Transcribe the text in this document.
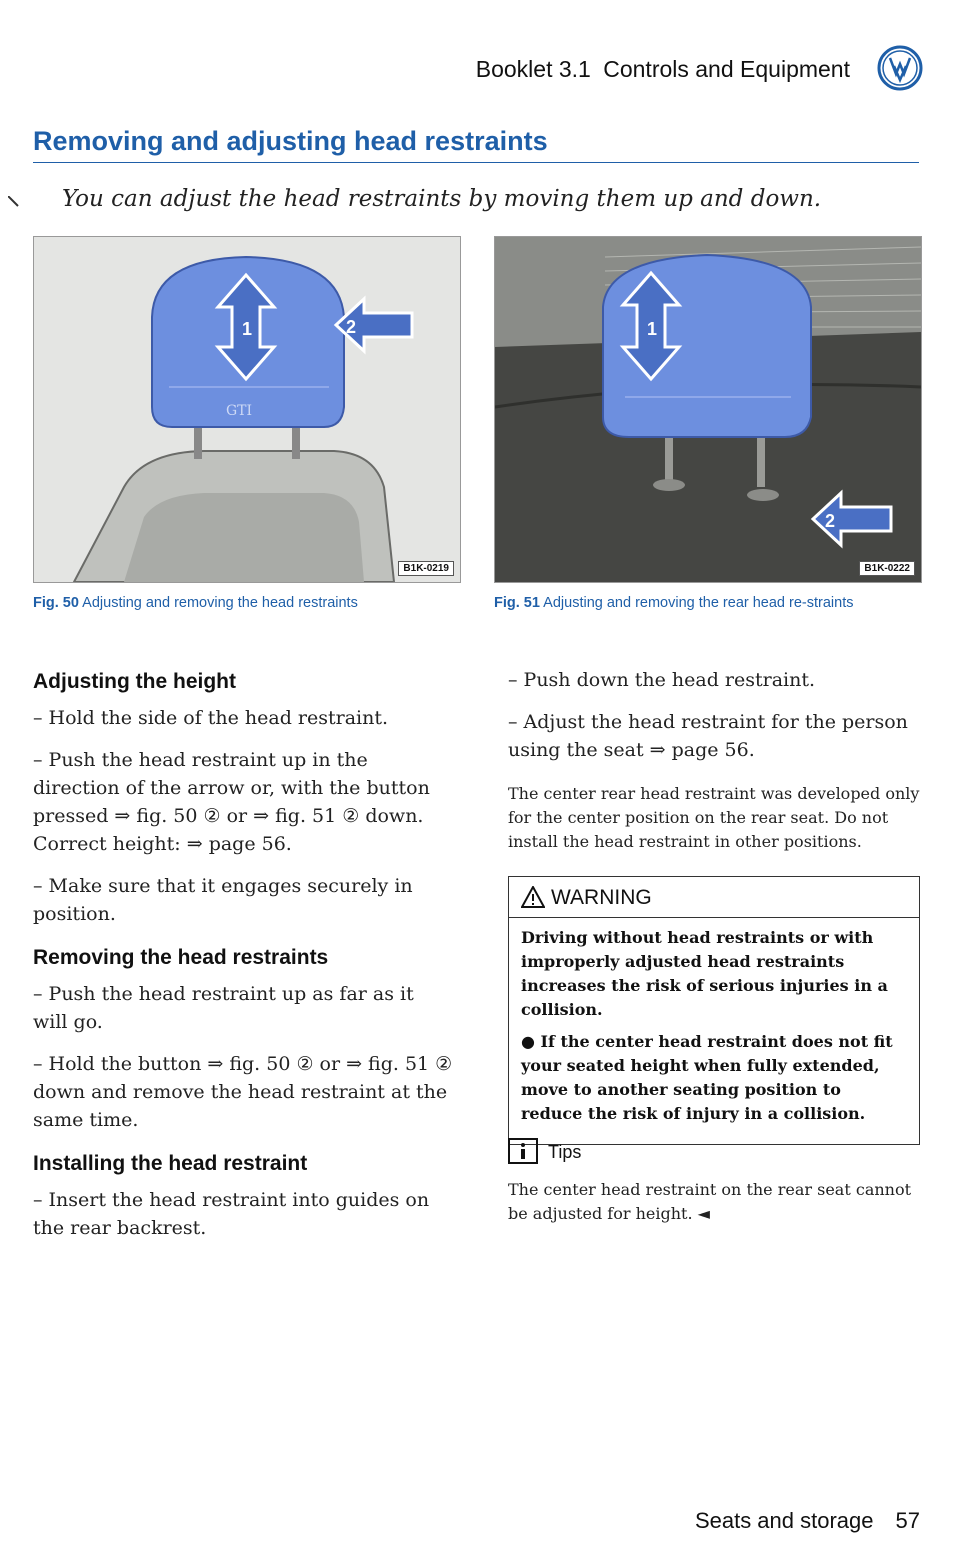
Booklet 3.1 Controls and Equipment
Removing and adjusting head restraints
You can adjust the head restraints by moving them up and down.
GTI
1	2
B1K-0219
1
2
B1K-0222
Fig. 50 Adjusting and removing the head restraints	Fig. 51 Adjusting and removing the rear head re-straints
Adjusting the height

– Hold the side of the head restraint.

– Push the head restraint up in the direction of the arrow or, with the button pressed ⇒ fig. 50 ② or ⇒ fig. 51 ② down. Correct height: ⇒ page 56.

– Make sure that it engages securely in position.

Removing the head restraints

– Push the head restraint up as far as it will go.

– Hold the button ⇒ fig. 50 ② or ⇒ fig. 51 ② down and remove the head restraint at the same time.

Installing the head restraint

– Insert the head restraint into guides on the rear backrest.

– Push down the head restraint.

– Adjust the head restraint for the person using the seat ⇒ page 56.

The center rear head restraint was developed only for the center position on the rear seat. Do not install the head restraint in other positions.

WARNING

Driving without head restraints or with improperly adjusted head restraints increases the risk of serious injuries in a collision.

● If the center head restraint does not fit your seated height when fully extended, move to another seating position to reduce the risk of injury in a collision.

Tips
The center head restraint on the rear seat cannot be adjusted for height. ◄
Seats and storage 57
